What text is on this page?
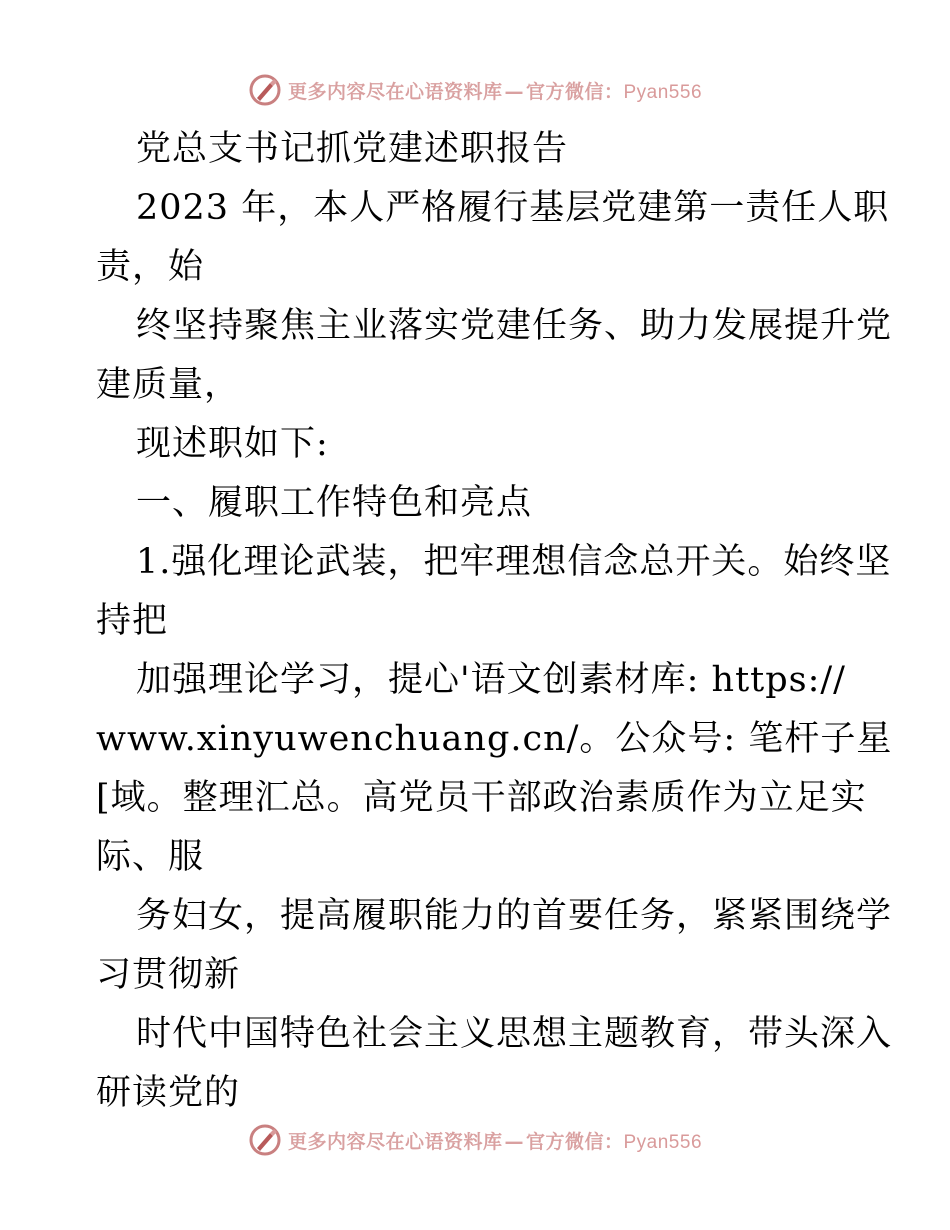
更多内容尽在心语资料库 — 官方微信：Pyan556
党总支书记抓党建述职报告
2023 年，本人严格履行基层党建第一责任人职
责，始
终坚持聚焦主业落实党建任务、助力发展提升党
建质量，
现述职如下:
一、履职工作特色和亮点
1.强化理论武装，把牢理想信念总开关。始终坚
持把
加强理论学习，提心'语文创素材库: https://
www.xinyuwenchuang.cn/。公众号: 笔杆子星
[域。整理汇总。高党员干部政治素质作为立足实
际、服
务妇女，提高履职能力的首要任务，紧紧围绕学
习贯彻新
时代中国特色社会主义思想主题教育，带头深入
研读党的
更多内容尽在心语资料库 — 官方微信：Pyan556
